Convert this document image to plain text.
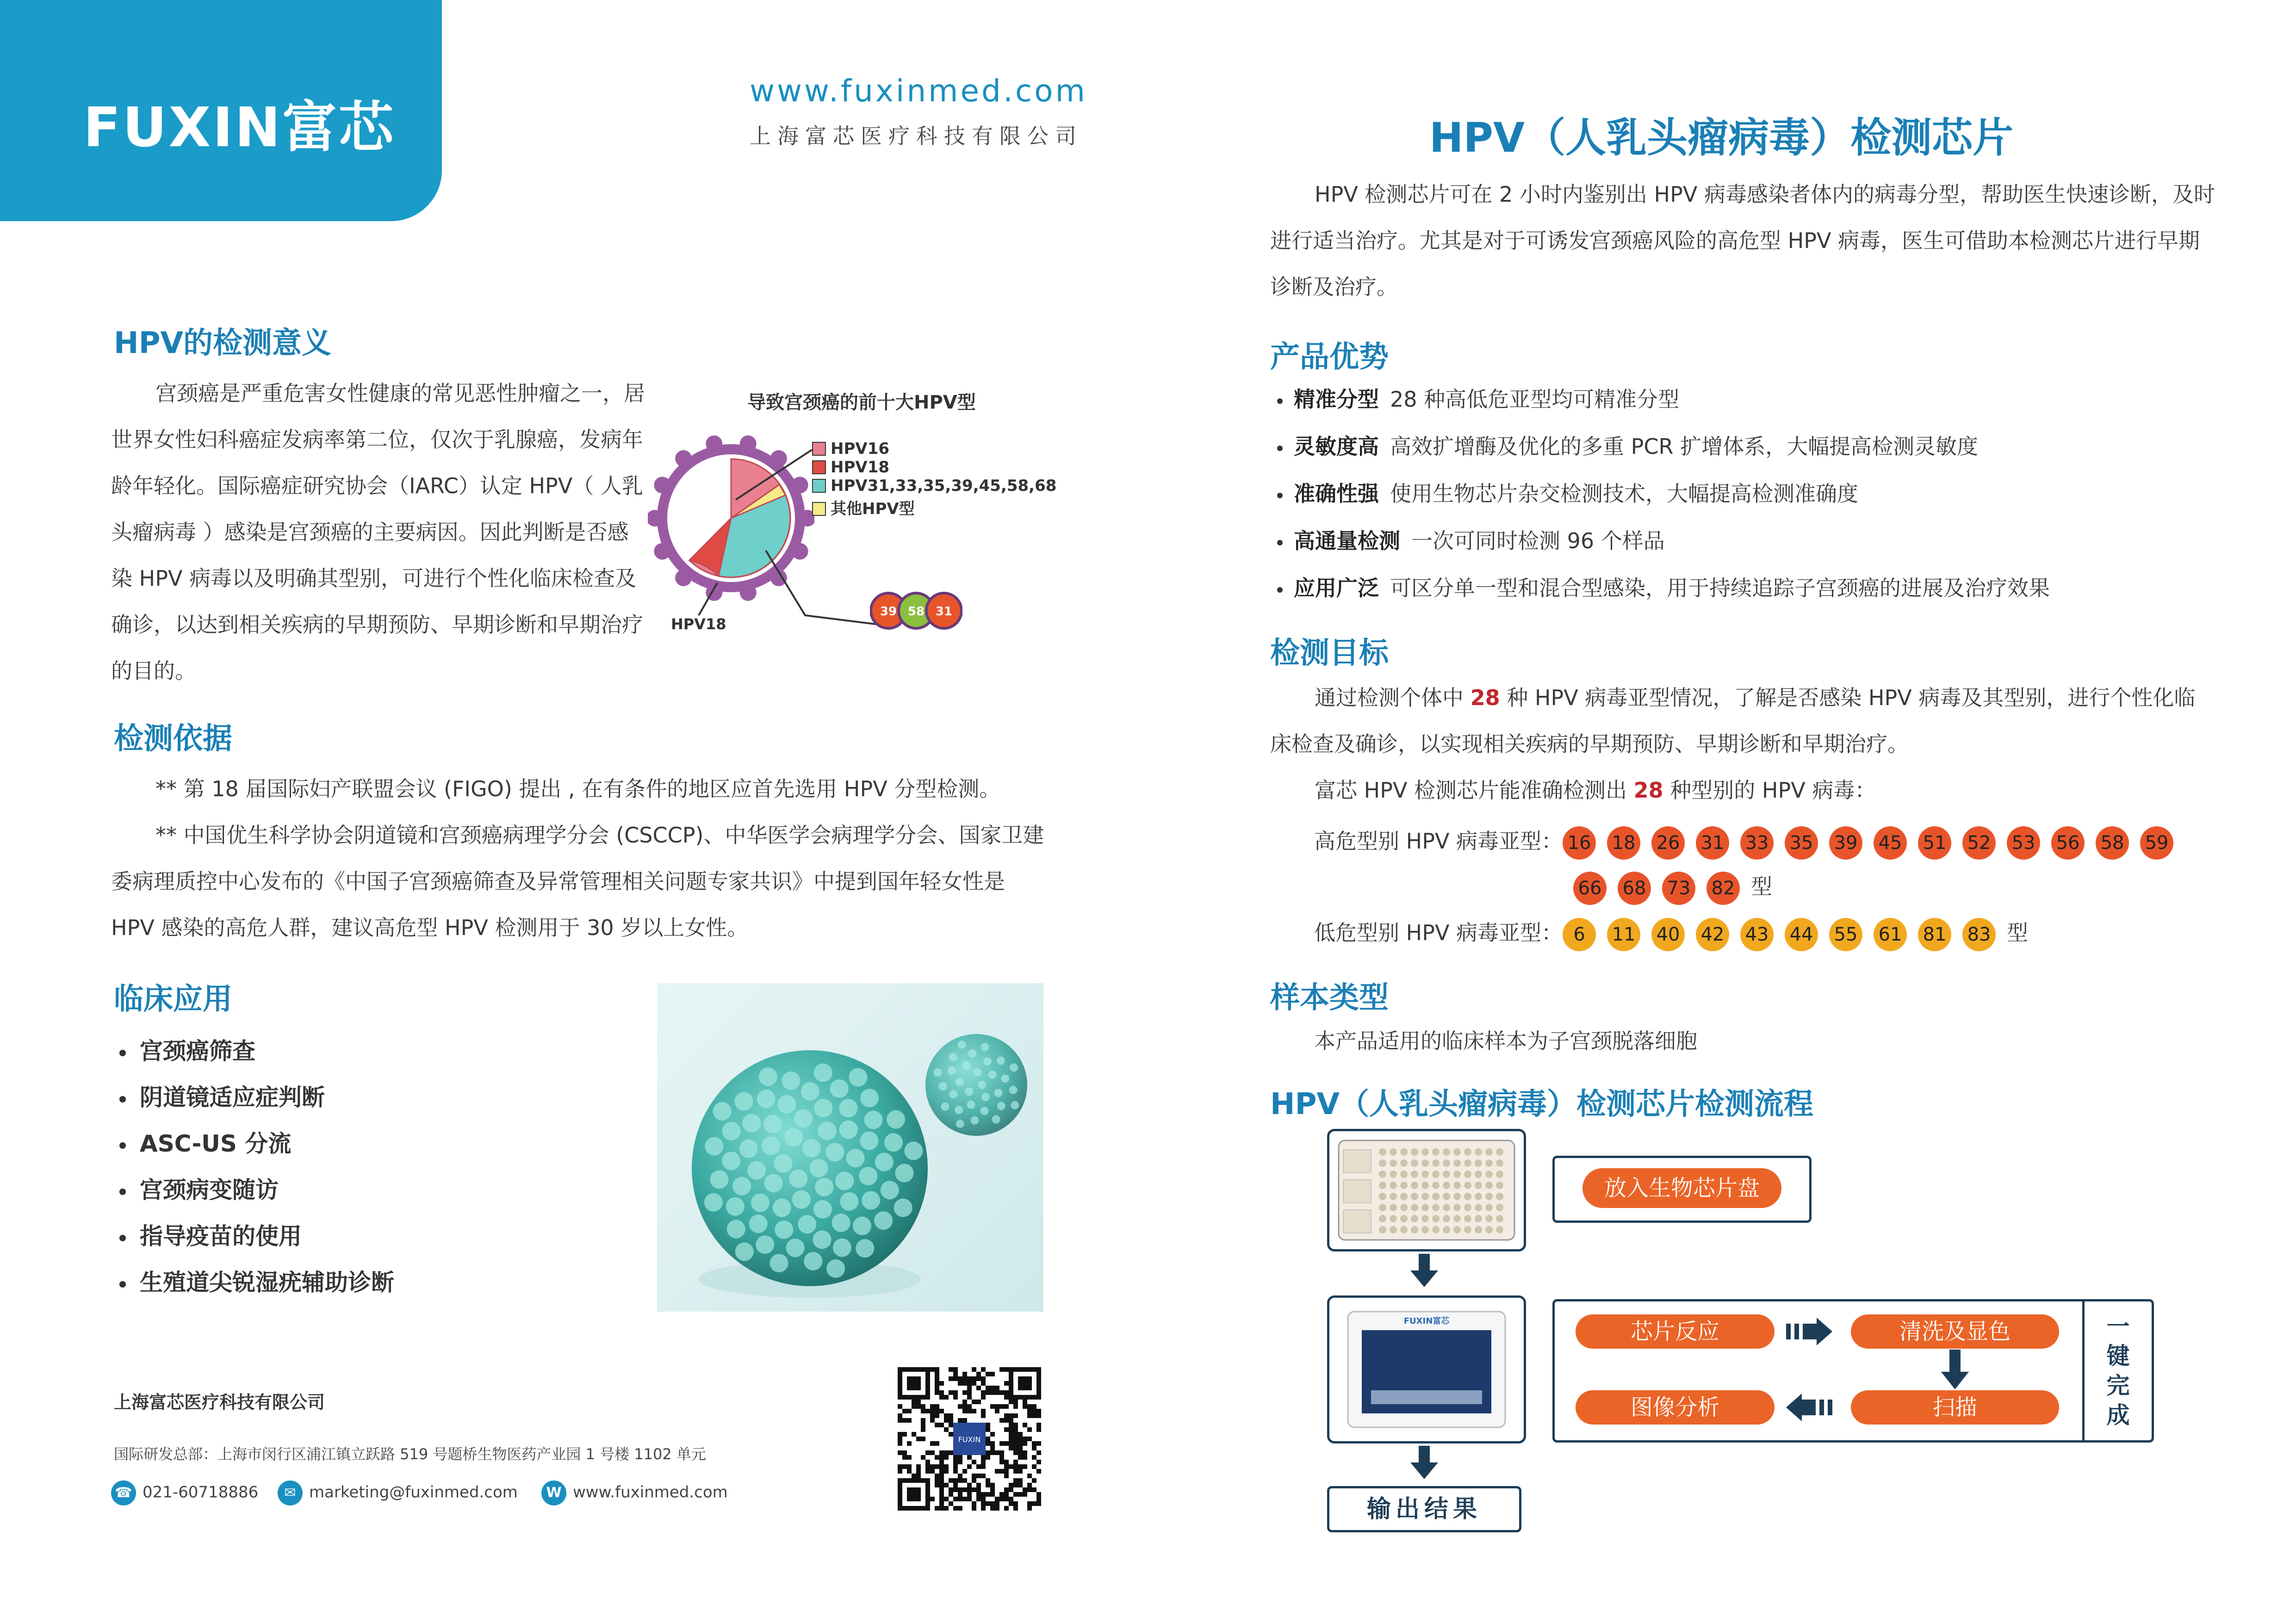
FUXIN富芯
www.fuxinmed.com
上海富芯医疗科技有限公司
HPV的检测意义

宫颈癌是严重危害女性健康的常见恶性肿瘤之一，居世界女性妇科癌症发病率第二位，仅次于乳腺癌，发病年龄年轻化。国际癌症研究协会（IARC）认定 HPV（ 人乳头瘤病毒 ）感染是宫颈癌的主要病因。因此判断是否感染 HPV 病毒以及明确其型别，可进行个性化临床检查及确诊，以达到相关疾病的早期预防、早期诊断和早期治疗的目的。

导致宫颈癌的前十大HPV型
HPV16
HPV18
HPV31,33,35,39,45,58,68
其他HPV型
HPV18
39 58 31
检测依据

** 第 18 届国际妇产联盟会议 (FIGO) 提出 , 在有条件的地区应首先选用 HPV 分型检测。

** 中国优生科学协会阴道镜和宫颈癌病理学分会 (CSCCP)、中华医学会病理学分会、国家卫建委病理质控中心发布的《中国子宫颈癌筛查及异常管理相关问题专家共识》中提到国年轻女性是 HPV 感染的高危人群，建议高危型 HPV 检测用于 30 岁以上女性。

临床应用
宫颈癌筛查
阴道镜适应症判断
ASC-US 分流
宫颈病变随访
指导疫苗的使用
生殖道尖锐湿疣辅助诊断
上海富芯医疗科技有限公司
国际研发总部：上海市闵行区浦江镇立跃路 519 号题桥生物医药产业园 1 号楼 1102 单元
☎ 021-60718886	✉ marketing@fuxinmed.com	W www.fuxinmed.com
FUXIN
HPV（人乳头瘤病毒）检测芯片

HPV 检测芯片可在 2 小时内鉴别出 HPV 病毒感染者体内的病毒分型，帮助医生快速诊断，及时进行适当治疗。尤其是对于可诱发宫颈癌风险的高危型 HPV 病毒，医生可借助本检测芯片进行早期诊断及治疗。

产品优势
精准分型 28 种高低危亚型均可精准分型
灵敏度高 高效扩增酶及优化的多重 PCR 扩增体系，大幅提高检测灵敏度
准确性强 使用生物芯片杂交检测技术，大幅提高检测准确度
高通量检测 一次可同时检测 96 个样品
应用广泛 可区分单一型和混合型感染，用于持续追踪子宫颈癌的进展及治疗效果
检测目标

通过检测个体中 28 种 HPV 病毒亚型情况，了解是否感染 HPV 病毒及其型别，进行个性化临床检查及确诊，以实现相关疾病的早期预防、早期诊断和早期治疗。

富芯 HPV 检测芯片能准确检测出 28 种型别的 HPV 病毒：

高危型别 HPV 病毒亚型： 16 18 26 31 33 35 39 45 51 52 53 56 58 59
66 68 73 82 型
低危型别 HPV 病毒亚型： 6 11 40 42 43 44 55 61 81 83 型
样本类型
本产品适用的临床样本为子宫颈脱落细胞
HPV（人乳头瘤病毒）检测芯片检测流程
放入生物芯片盘
FUXIN富芯	芯片反应	清洗及显色
图像分析	扫描
一
键
完
成
输出结果
